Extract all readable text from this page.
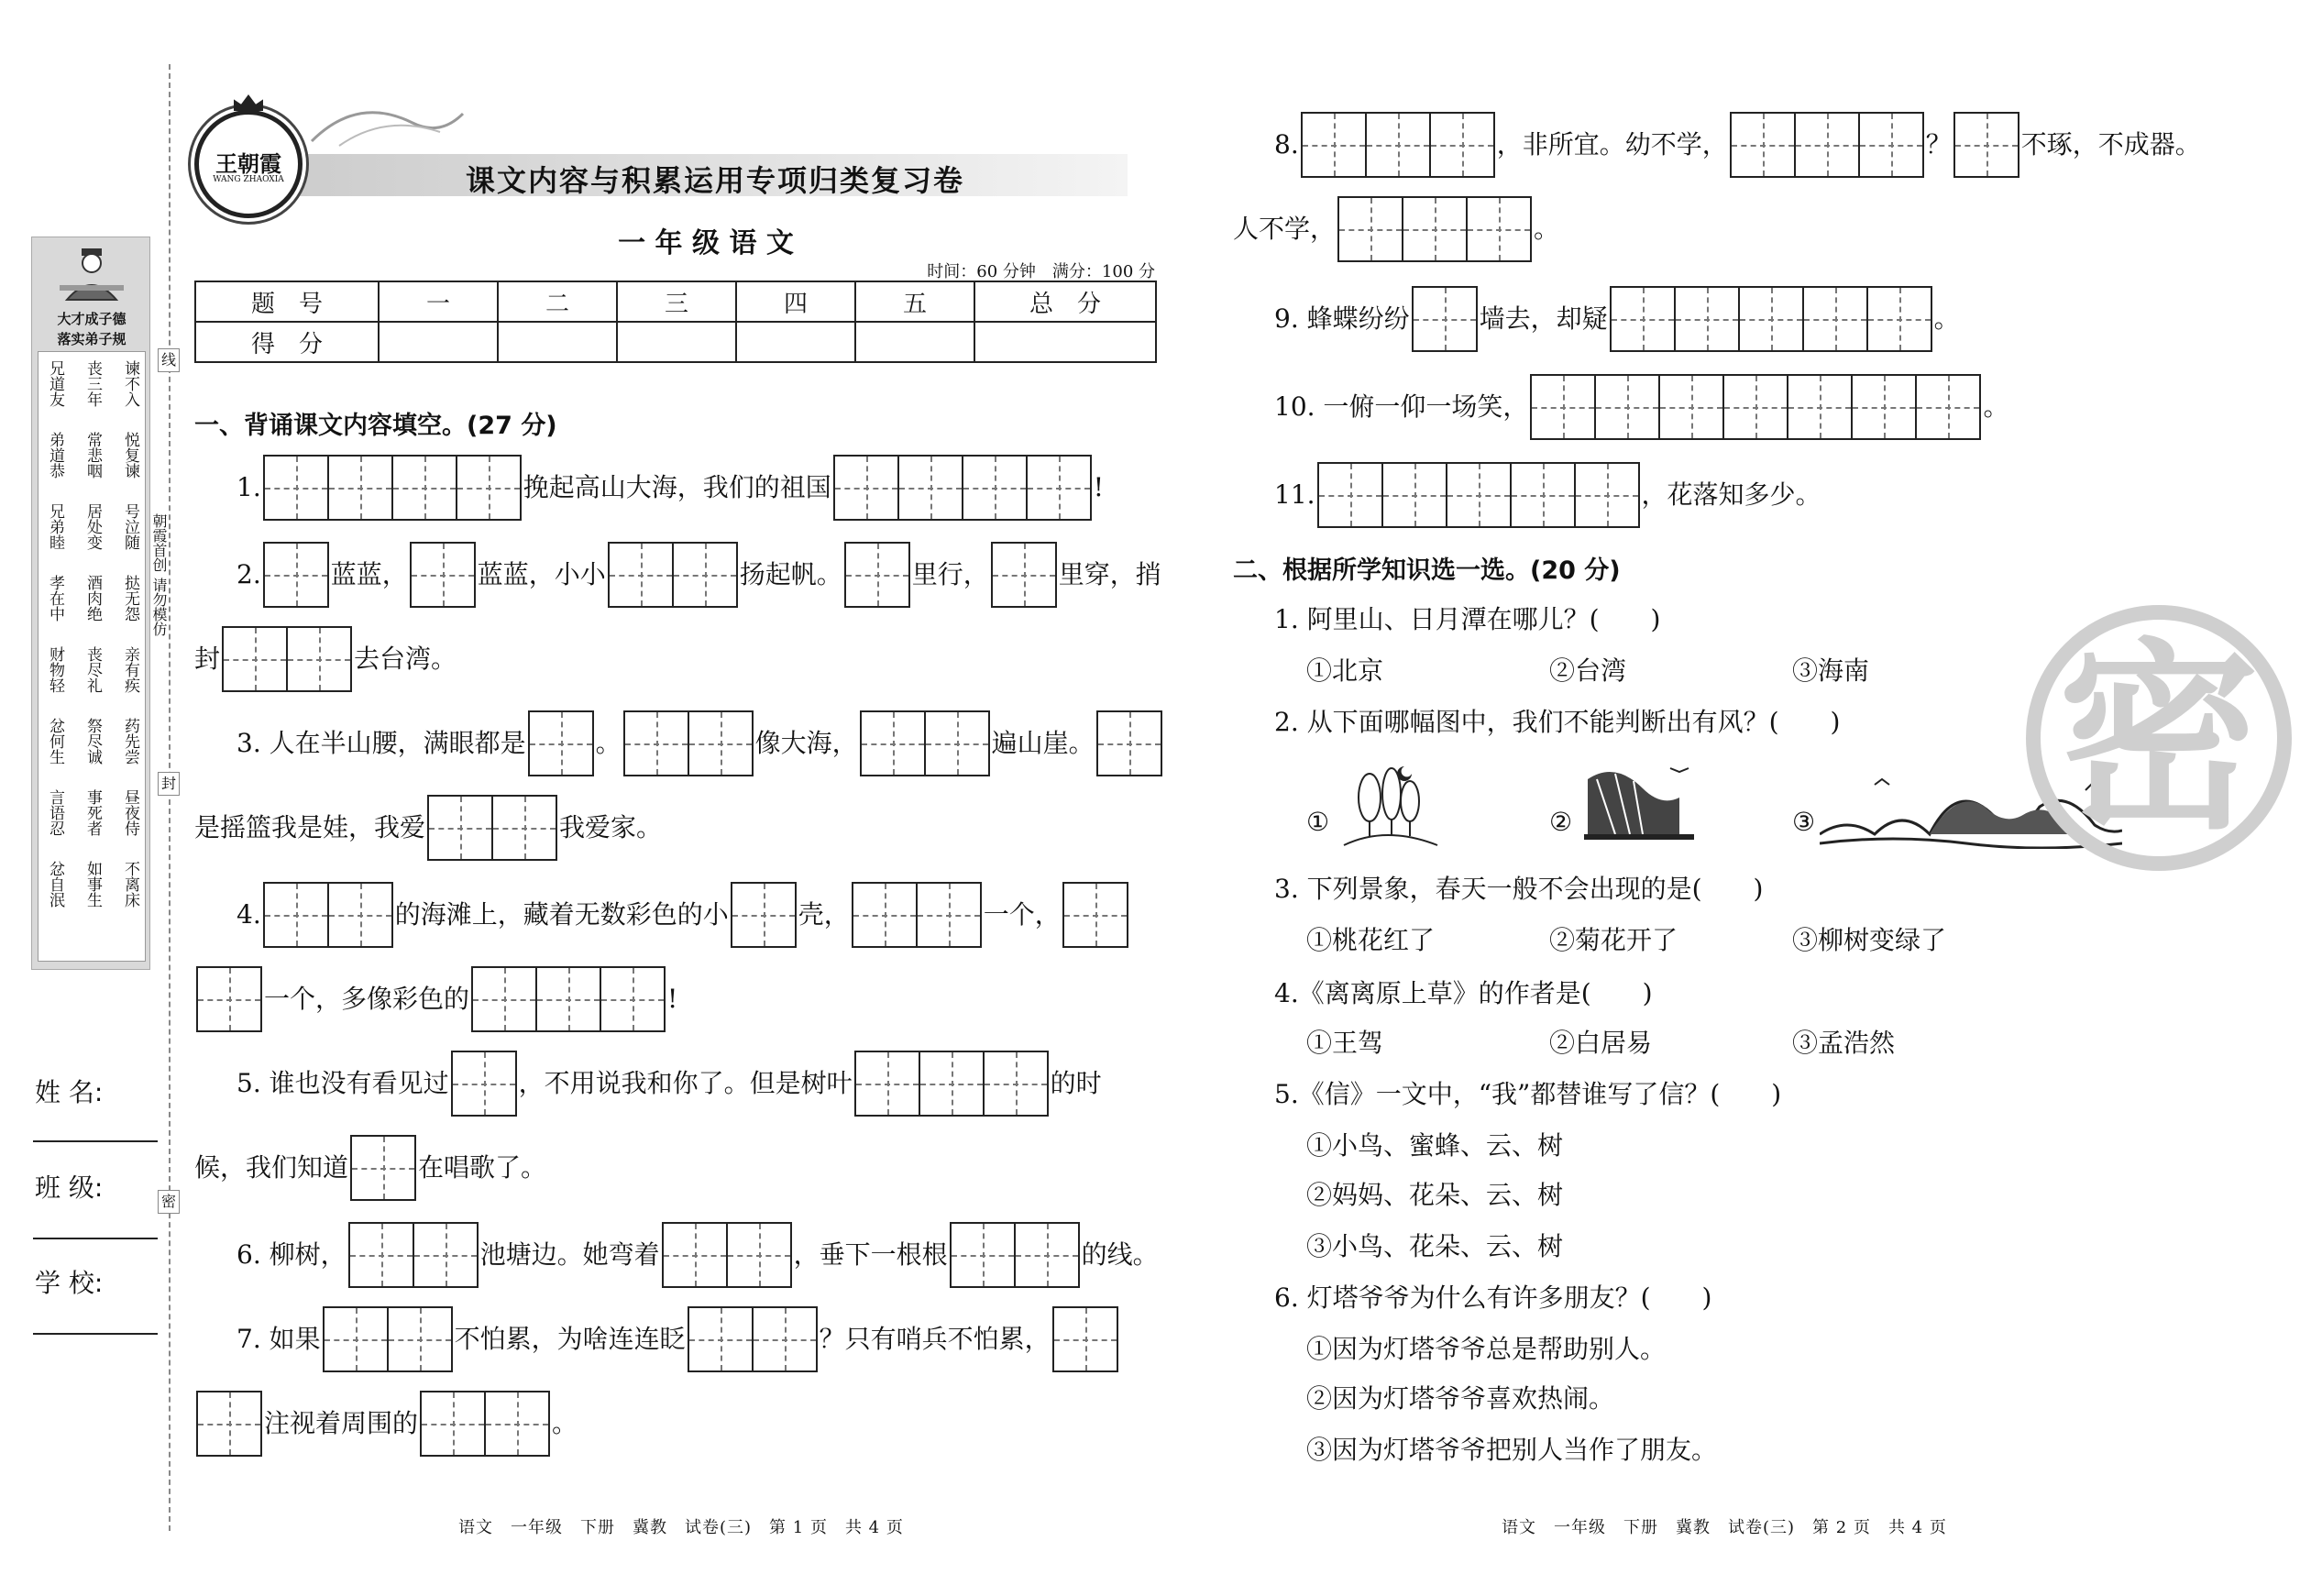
线
封
密
朝霞首创
请勿模仿
大才成子德
落实弟子规
兄道友 丧三年 谏不入
弟道恭 常悲咽 悦复谏
兄弟睦 居处变 号泣随
孝在中 酒肉绝 挞无怨
财物轻 丧尽礼 亲有疾
忿何生 祭尽诚 药先尝
言语忍 事死者 昼夜侍
忿自泯 如事生 不离床
姓 名:
班 级:
学 校:
王朝霞
WANG ZHAOXIA	课文内容与积累运用专项归类复习卷
一 年 级 语 文
时间：60 分钟　满分：100 分
题　号	一	二	三	四	五	总　分
得　分						
一、背诵课文内容填空。(27 分)
1.	挽起高山大海，我们的祖国	!
2.	蓝蓝，	蓝蓝，小小	扬起帆。	里行，	里穿，捎
封	去台湾。
3. 人在半山腰，满眼都是	。	像大海，	遍山崖。
是摇篮我是娃，我爱	我爱家。
4.	的海滩上，藏着无数彩色的小	壳，	一个，
一个，多像彩色的	!
5. 谁也没有看见过	，不用说我和你了。但是树叶	的时
候，我们知道	在唱歌了。
6. 柳树，	池塘边。她弯着	，垂下一根根	的线。
7. 如果	不怕累，为啥连连眨	？只有哨兵不怕累，
注视着周围的	。
8.	，非所宜。幼不学，	？	不琢，不成器。
人不学，	。
9. 蜂蝶纷纷	墙去，却疑	。
10. 一俯一仰一场笑，	。
11.	，花落知多少。
二、根据所学知识选一选。(20 分)
1. 阿里山、日月潭在哪儿？(　　)
①北京	②台湾	③海南
2. 从下面哪幅图中，我们不能判断出有风？(　　)
①	②	③
3. 下列景象，春天一般不会出现的是(　　)
①桃花红了	②菊花开了	③柳树变绿了
4.《离离原上草》的作者是(　　)
①王驾	②白居易	③孟浩然
5.《信》一文中，“我”都替谁写了信？(　　)
①小鸟、蜜蜂、云、树
②妈妈、花朵、云、树
③小鸟、花朵、云、树
6. 灯塔爷爷为什么有许多朋友？(　　)
①因为灯塔爷爷总是帮助别人。
②因为灯塔爷爷喜欢热闹。
③因为灯塔爷爷把别人当作了朋友。
密
语文　一年级　下册　冀教　试卷(三)　第 1 页　共 4 页	语文　一年级　下册　冀教　试卷(三)　第 2 页　共 4 页
